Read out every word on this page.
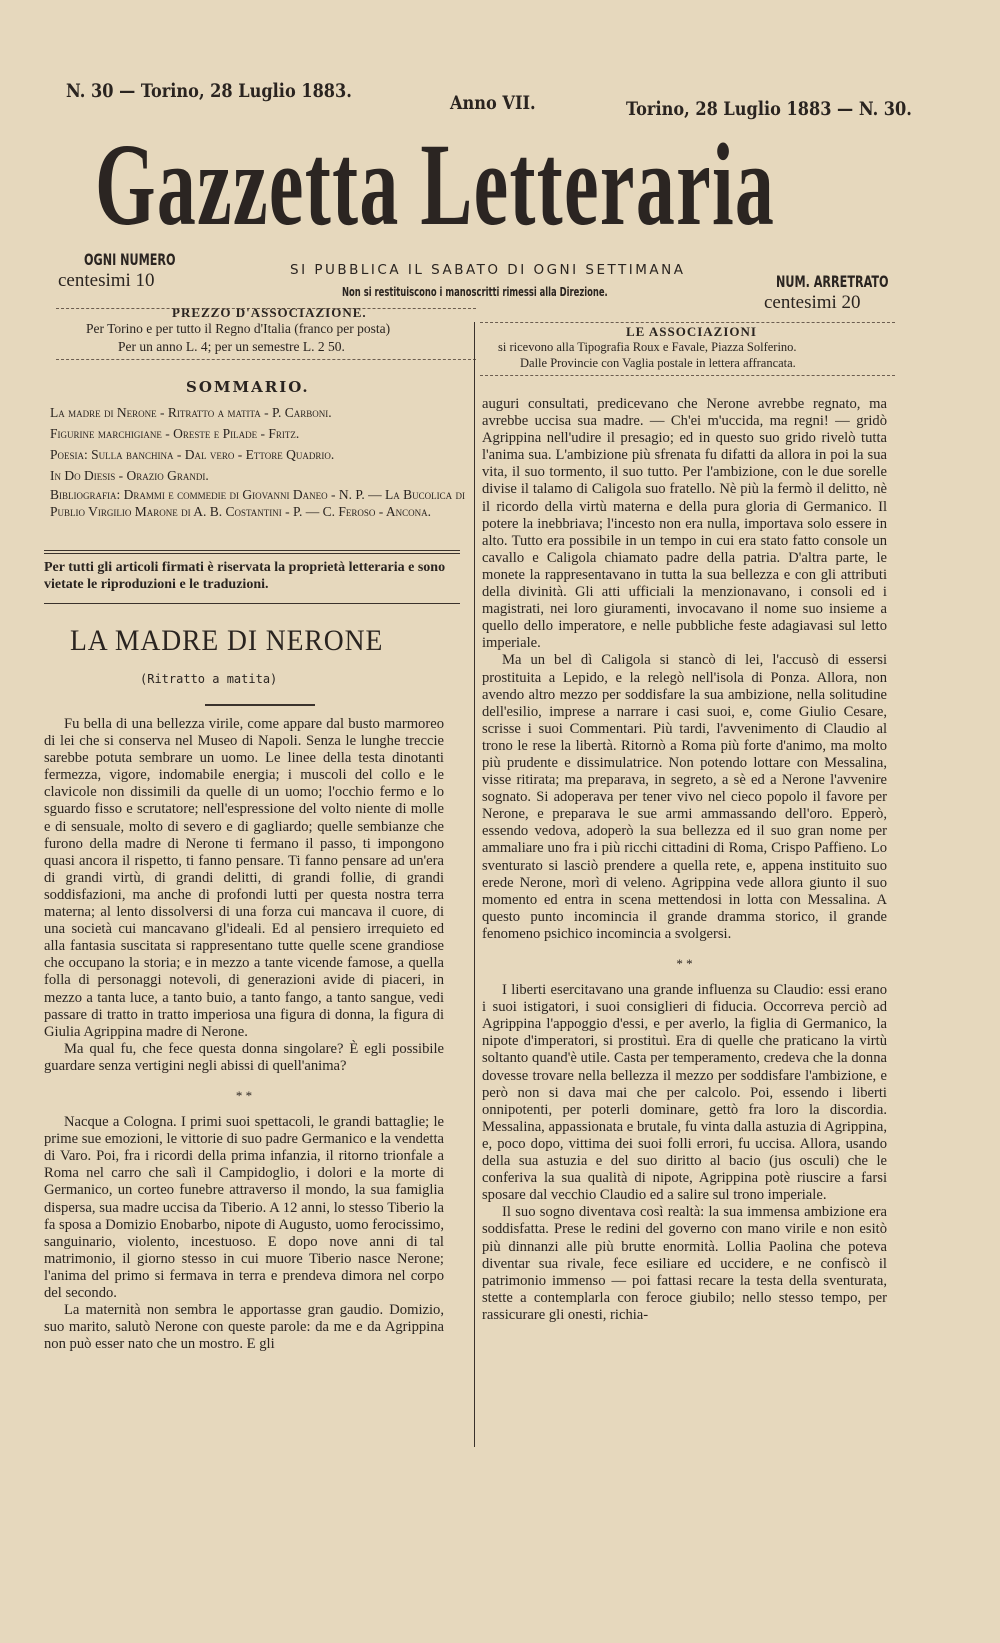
N. 30 — Torino, 28 Luglio 1883.
Anno VII.	Torino, 28 Luglio 1883 — N. 30.
Gazzetta Letteraria
OGNI NUMERO
centesimi 10	NUM. ARRETRATO
centesimi 20
SI PUBBLICA IL SABATO DI OGNI SETTIMANA
Non si restituiscono i manoscritti rimessi alla Direzione.
PREZZO D'ASSOCIAZIONE.
Per Torino e per tutto il Regno d'Italia (franco per posta)
Per un anno L. 4; per un semestre L. 2 50.
LE ASSOCIAZIONI
si ricevono alla Tipografia Roux e Favale, Piazza Solferino.
Dalle Provincie con Vaglia postale in lettera affrancata.
SOMMARIO.
La madre di Nerone - Ritratto a matita - P. Carboni.
Figurine marchigiane - Oreste e Pilade - Fritz.
Poesia: Sulla banchina - Dal vero - Ettore Quadrio.
In Do Diesis - Orazio Grandi.
Bibliografia: Drammi e commedie di Giovanni Daneo - N. P. — La Bucolica di Publio Virgilio Marone di A. B. Costantini - P. — C. Feroso - Ancona.
Per tutti gli articoli firmati è riservata la proprietà letteraria e sono vietate le riproduzioni e le traduzioni.
LA MADRE DI NERONE
(Ritratto a matita)

Fu bella di una bellezza virile, come appare dal busto marmoreo di lei che si conserva nel Museo di Napoli. Senza le lunghe treccie sarebbe potuta sembrare un uomo. Le linee della testa dinotanti fermezza, vigore, indomabile energia; i muscoli del collo e le clavicole non dissimili da quelle di un uomo; l'occhio fermo e lo sguardo fisso e scrutatore; nell'espressione del volto niente di molle e di sensuale, molto di severo e di gagliardo; quelle sembianze che furono della madre di Nerone ti fermano il passo, ti impongono quasi ancora il rispetto, ti fanno pensare. Ti fanno pensare ad un'era di grandi virtù, di grandi delitti, di grandi follie, di grandi soddisfazioni, ma anche di profondi lutti per questa nostra terra materna; al lento dissolversi di una forza cui mancava il cuore, di una società cui mancavano gl'ideali. Ed al pensiero irrequieto ed alla fantasia suscitata si rappresentano tutte quelle scene grandiose che occupano la storia; e in mezzo a tante vicende famose, a quella folla di personaggi notevoli, di generazioni avide di piaceri, in mezzo a tanta luce, a tanto buio, a tanto fango, a tanto sangue, vedi passare di tratto in tratto imperiosa una figura di donna, la figura di Giulia Agrippina madre di Nerone.

Ma qual fu, che fece questa donna singolare? È egli possibile guardare senza vertigini negli abissi di quell'anima?

* *

Nacque a Cologna. I primi suoi spettacoli, le grandi battaglie; le prime sue emozioni, le vittorie di suo padre Germanico e la vendetta di Varo. Poi, fra i ricordi della prima infanzia, il ritorno trionfale a Roma nel carro che salì il Campidoglio, i dolori e la morte di Germanico, un corteo funebre attraverso il mondo, la sua famiglia dispersa, sua madre uccisa da Tiberio. A 12 anni, lo stesso Tiberio la fa sposa a Domizio Enobarbo, nipote di Augusto, uomo ferocissimo, sanguinario, violento, incestuoso. E dopo nove anni di tal matrimonio, il giorno stesso in cui muore Tiberio nasce Nerone; l'anima del primo si fermava in terra e prendeva dimora nel corpo del secondo.

La maternità non sembra le apportasse gran gaudio. Domizio, suo marito, salutò Nerone con queste parole: da me e da Agrippina non può esser nato che un mostro. E gli

auguri consultati, predicevano che Nerone avrebbe regnato, ma avrebbe uccisa sua madre. — Ch'ei m'uccida, ma regni! — gridò Agrippina nell'udire il presagio; ed in questo suo grido rivelò tutta l'anima sua. L'ambizione più sfrenata fu difatti da allora in poi la sua vita, il suo tormento, il suo tutto. Per l'ambizione, con le due sorelle divise il talamo di Caligola suo fratello. Nè più la fermò il delitto, nè il ricordo della virtù materna e della pura gloria di Germanico. Il potere la inebbriava; l'incesto non era nulla, importava solo essere in alto. Tutto era possibile in un tempo in cui era stato fatto console un cavallo e Caligola chiamato padre della patria. D'altra parte, le monete la rappresentavano in tutta la sua bellezza e con gli attributi della divinità. Gli atti ufficiali la menzionavano, i consoli ed i magistrati, nei loro giuramenti, invocavano il nome suo insieme a quello dello imperatore, e nelle pubbliche feste adagiavasi sul letto imperiale.

Ma un bel dì Caligola si stancò di lei, l'accusò di essersi prostituita a Lepido, e la relegò nell'isola di Ponza. Allora, non avendo altro mezzo per soddisfare la sua ambizione, nella solitudine dell'esilio, imprese a narrare i casi suoi, e, come Giulio Cesare, scrisse i suoi Commentari. Più tardi, l'avvenimento di Claudio al trono le rese la libertà. Ritornò a Roma più forte d'animo, ma molto più prudente e dissimulatrice. Non potendo lottare con Messalina, visse ritirata; ma preparava, in segreto, a sè ed a Nerone l'avvenire sognato. Si adoperava per tener vivo nel cieco popolo il favore per Nerone, e preparava le sue armi ammassando dell'oro. Epperò, essendo vedova, adoperò la sua bellezza ed il suo gran nome per ammaliare uno fra i più ricchi cittadini di Roma, Crispo Paffieno. Lo sventurato si lasciò prendere a quella rete, e, appena instituito suo erede Nerone, morì di veleno. Agrippina vede allora giunto il suo momento ed entra in scena mettendosi in lotta con Messalina. A questo punto incomincia il grande dramma storico, il grande fenomeno psichico incomincia a svolgersi.

* *

I liberti esercitavano una grande influenza su Claudio: essi erano i suoi istigatori, i suoi consiglieri di fiducia. Occorreva perciò ad Agrippina l'appoggio d'essi, e per averlo, la figlia di Germanico, la nipote d'imperatori, si prostituì. Era di quelle che praticano la virtù soltanto quand'è utile. Casta per temperamento, credeva che la donna dovesse trovare nella bellezza il mezzo per soddisfare l'ambizione, e però non si dava mai che per calcolo. Poi, essendo i liberti onnipotenti, per poterli dominare, gettò fra loro la discordia. Messalina, appassionata e brutale, fu vinta dalla astuzia di Agrippina, e, poco dopo, vittima dei suoi folli errori, fu uccisa. Allora, usando della sua astuzia e del suo diritto al bacio (jus osculi) che le conferiva la sua qualità di nipote, Agrippina potè riuscire a farsi sposare dal vecchio Claudio ed a salire sul trono imperiale.

Il suo sogno diventava così realtà: la sua immensa ambizione era soddisfatta. Prese le redini del governo con mano virile e non esitò più dinnanzi alle più brutte enormità. Lollia Paolina che poteva diventar sua rivale, fece esiliare ed uccidere, e ne confiscò il patrimonio immenso — poi fattasi recare la testa della sventurata, stette a contemplarla con feroce giubilo; nello stesso tempo, per rassicurare gli onesti, richia-
